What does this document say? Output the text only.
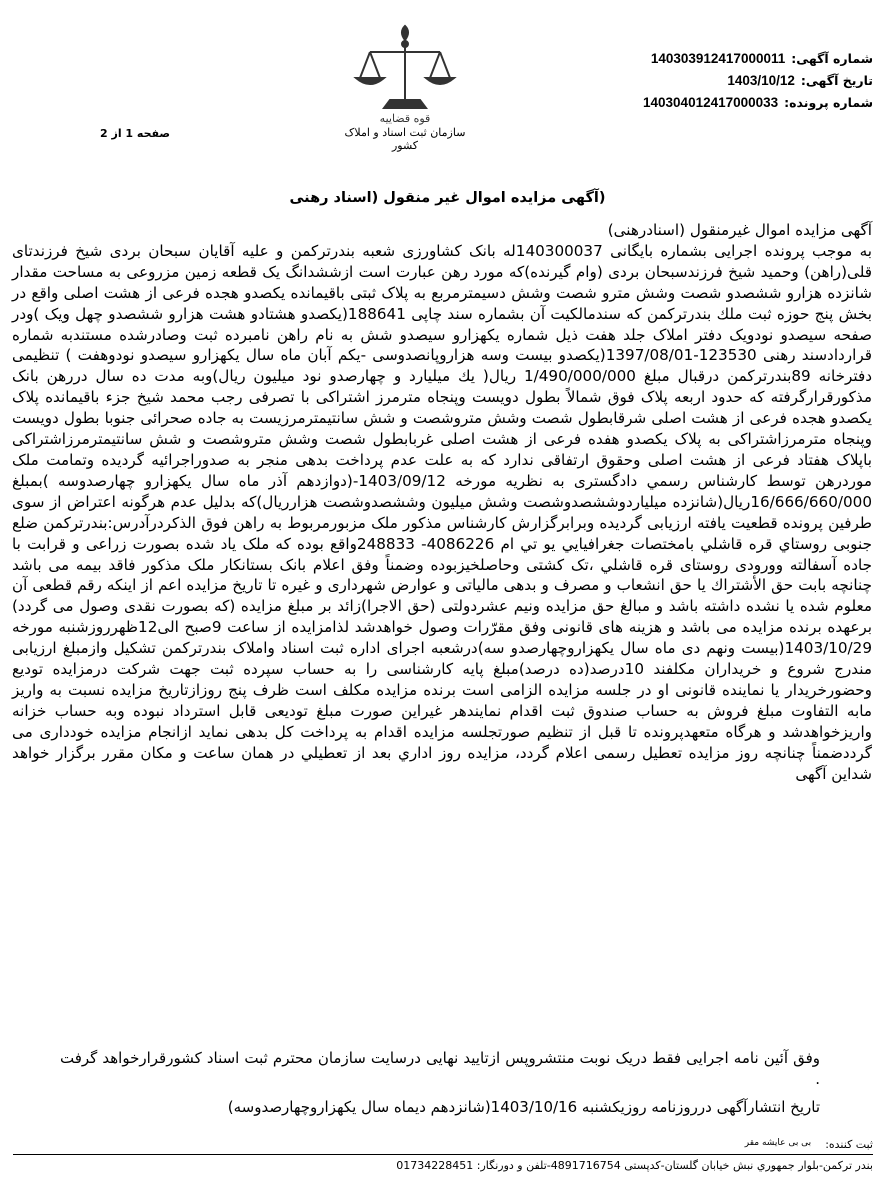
شماره آگهی:
140303912417000011
تاریخ آگهی:
1403/10/12
شماره پرونده:
140304012417000033
قوه قضاییه
سازمان ثبت اسناد و املاک کشور
صفحه 1 از 2
(آگهی مزایده اموال غیر منقول (اسناد رهنی

آگهی مزایده اموال غیرمنقول (اسنادرهنی)

به موجب پرونده اجرایی بشماره بایگانی 140300037له بانک کشاورزی شعبه بندرترکمن و علیه آقایان سبحان بردی شیخ فرزندتای قلی(راهن) وحمید شیخ فرزندسبحان بردی (وام گیرنده)که مورد رهن عبارت است ازششدانگ یک قطعه زمین مزروعی به مساحت مقدار شانزده هزارو ششصدو شصت وشش مترو شصت وشش دسیمترمربع به پلاک ثبتی باقیمانده یکصدو هجده فرعی از هشت اصلی واقع در بخش پنج حوزه ثبت ملك بندرترکمن که سندمالکیت آن بشماره سند چاپی 188641(یکصدو هشتادو هشت هزارو ششصدو چهل ویک )ودر صفحه سیصدو نودویک دفتر املاک جلد هفت ذیل شماره یکهزارو سیصدو شش به نام راهن نامبرده ثبت وصادرشده مستندبه شماره قراردادسند رهنی 123530-1397/08/01(یکصدو بیست وسه هزاروپانصدوسی -یکم آبان ماه سال یکهزارو سیصدو نودوهفت ) تنظیمی دفترخانه 89بندرترکمن درقبال مبلغ 1/490/000/000 ریال( يك ميليارد و چهارصدو نود میلیون ریال)وبه مدت ده سال دررهن بانک مذکورقرارگرفته که حدود اربعه پلاک فوق شمالاً بطول دویست وپنجاه مترمرز اشتراکی با تصرفی رجب محمد شیخ جزء باقیمانده پلاک یکصدو هجده فرعی از هشت اصلی شرقابطول شصت وشش متروشصت و شش سانتیمترمرزیست به جاده صحرائی جنوبا بطول دویست وپنجاه مترمرزاشتراکی به پلاک یکصدو هفده فرعی از هشت اصلی غربابطول شصت وشش متروشصت و شش سانتیمترمرزاشتراکی باپلاک هفتاد فرعی از هشت اصلی وحقوق ارتفاقی ندارد که به علت عدم پرداخت بدهی منجر به صدوراجرائیه گردیده وتمامت ملک موردرهن توسط کارشناس رسمي دادگستری به نظریه مورخه 1403/09/12-(دوازدهم آذر ماه سال یکهزارو چهارصدوسه )بمبلغ 16/666/660/000ریال(شانزده میلیاردوششصدوشصت وشش میلیون وششصدوشصت هزارریال)که بدلیل عدم هرگونه اعتراض از سوی طرفین پرونده قطعیت یافته ارزیابی گردیده وبرابرگزارش کارشناس مذکور ملک مزبورمربوط به راهن فوق الذکردرآدرس:بندرترکمن ضلع جنوبی روستاي قره قاشلي بامختصات جغرافيايي يو تي ام 4086226- 248833واقع بوده كه ملک یاد شده بصورت زراعی و قرابت با جاده آسفالته وورودی روستای قره قاشلي ،تک کشتی وحاصلخیزبوده وضمناً وفق اعلام بانک بستانکار ملک مذکور فاقد بیمه می باشد چنانچه بابت حق الأشتراك یا حق انشعاب و مصرف و بدهی مالیاتی و عوارض شهرداری و غیره تا تاریخ مزایده اعم از اینکه رقم قطعی آن معلوم شده یا نشده داشته باشد و مبالغ حق مزایده ونیم عشردولتی (حق الاجرا)زائد بر مبلغ مزایده (که بصورت نقدی وصول می گردد) برعهده برنده مزایده می باشد و هزینه های قانونی وفق مقرّرات وصول خواهدشد لذامزایده از ساعت 9صبح الی12ظهرروزشنبه مورخه 1403/10/29(بیست ونهم دی ماه سال یکهزاروچهارصدو سه)درشعبه اجرای اداره ثبت اسناد واملاک بندرترکمن تشکیل وازمبلغ ارزیابی مندرج شروع و خریداران مکلفند 10درصد(ده درصد)مبلغ پایه کارشناسی را به حساب سپرده ثبت جهت شرکت درمزایده تودیع وحضورخریدار یا نماینده قانونی او در جلسه مزایده الزامی است برنده مزایده مکلف است ظرف پنج روزازتاریخ مزایده نسبت به واریز مابه التفاوت مبلغ فروش به حساب صندوق ثبت اقدام نمایندهر غیراین صورت مبلغ تودیعی قابل استرداد نبوده وبه حساب خزانه واریزخواهدشد و هرگاه متعهدپرونده تا قبل از تنظیم صورتجلسه مزایده اقدام به پرداخت کل بدهی نماید ازانجام مزایده خودداری می گرددضمناً چنانچه روز مزایده تعطیل رسمی اعلام گردد، مزایده روز اداري بعد از تعطیلي در همان ساعت و مکان مقرر برگزار خواهد شداین آگهی

وفق آئین نامه اجرایی فقط دریک نوبت منتشروپس ازتایید نهایی درسایت سازمان محترم ثبت اسناد کشورقرارخواهد گرفت .
تاریخ انتشارآگهی درروزنامه روزیکشنبه 1403/10/16(شانزدهم دیماه سال یکهزاروچهارصدوسه)
ثبت کننده:
بی بی عایشه مقر
بندر ترکمن-بلوار جمهوري نبش خيابان گلستان-کدپستی 4891716754-تلفن و دورنگار: 01734228451
